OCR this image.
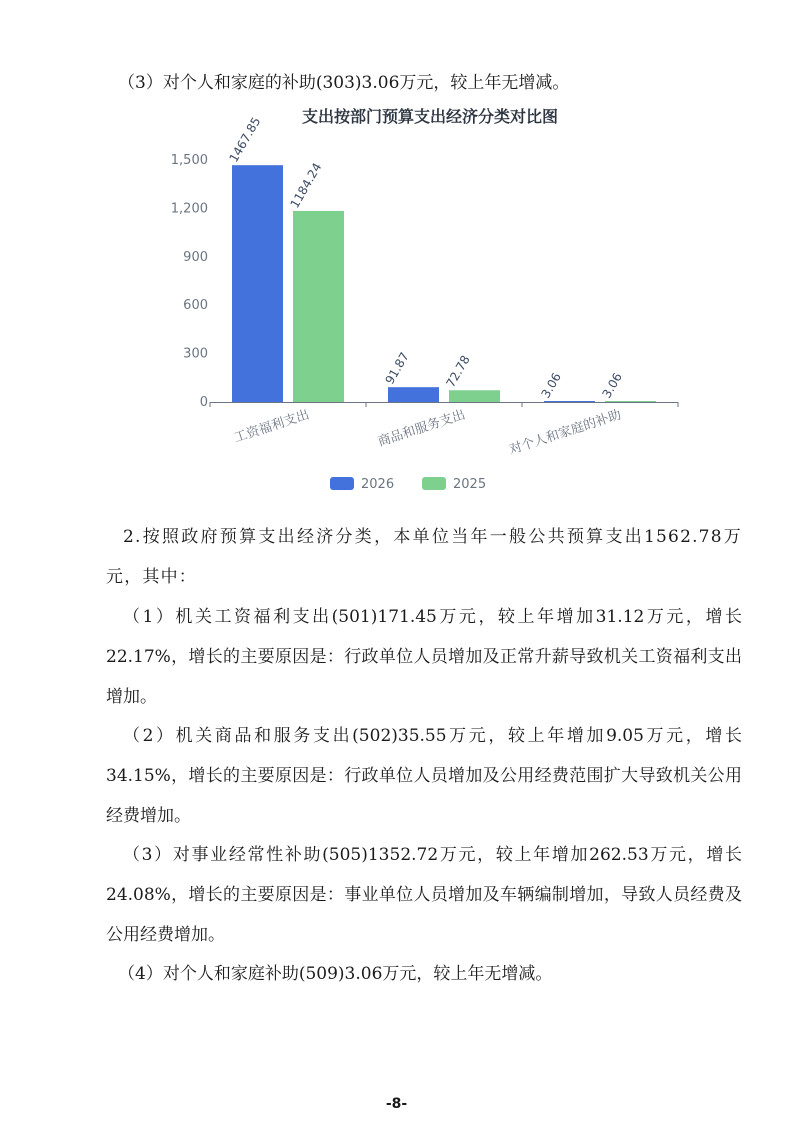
（3）对个人和家庭的补助(303)3.06万元，较上年无增减。

支出按部门预算支出经济分类对比图
0
300
600
900
1,200
1,500 1467.85
91.87	3.06
1184.24
72.78	3.06
工资福利支出	商品和服务支出	对个人和家庭的补助
2026	2025

2.按照政府预算支出经济分类，本单位当年一般公共预算支出1562.78万元，其中：

（1）机关工资福利支出(501)171.45万元，较上年增加31.12万元，增长22.17%，增长的主要原因是：行政单位人员增加及正常升薪导致机关工资福利支出增加。

（2）机关商品和服务支出(502)35.55万元，较上年增加9.05万元，增长34.15%，增长的主要原因是：行政单位人员增加及公用经费范围扩大导致机关公用经费增加。

（3）对事业经常性补助(505)1352.72万元，较上年增加262.53万元，增长24.08%，增长的主要原因是：事业单位人员增加及车辆编制增加，导致人员经费及公用经费增加。

（4）对个人和家庭补助(509)3.06万元，较上年无增减。

-8-
